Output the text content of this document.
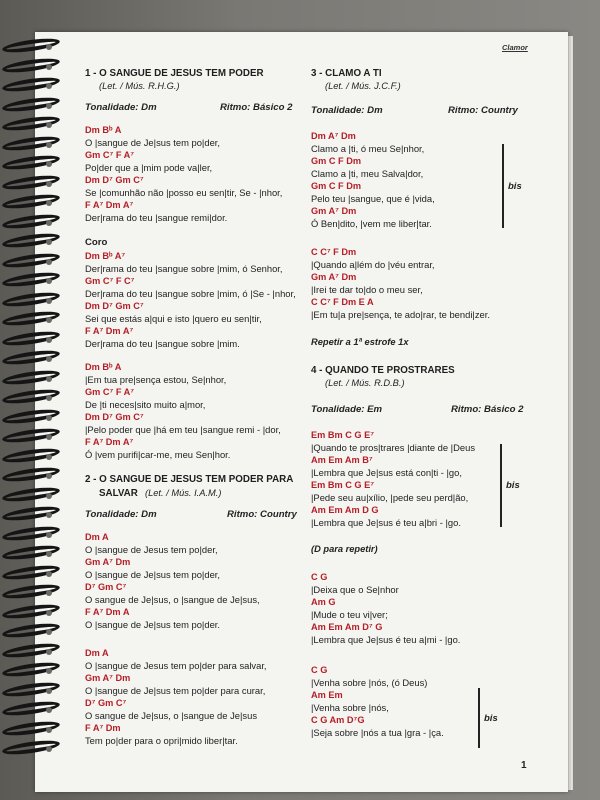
Clamor
1 - O SANGUE DE JESUS TEM PODER
(Let. / Mús. R.H.G.)
Tonalidade: Dm	Ritmo: Básico 2
Dm Bᵇ A
O |sangue de Je|sus tem po|der,
Gm C⁷ F A⁷
Po|der que a |mim pode va|ler,
Dm D⁷ Gm C⁷
Se |comunhão não |posso eu sen|tir, Se - |nhor,
F A⁷ Dm A⁷
Der|rama do teu |sangue remi|dor.
Coro
Dm Bᵇ A⁷
Der|rama do teu |sangue sobre |mim, ó Senhor,
Gm C⁷ F C⁷
Der|rama do teu |sangue sobre |mim, ó |Se - |nhor,
Dm D⁷ Gm C⁷
Sei que estás a|qui e isto |quero eu sen|tir,
F A⁷ Dm A⁷
Der|rama do teu |sangue sobre |mim.
Dm Bᵇ A
|Em tua pre|sença estou, Se|nhor,
Gm C⁷ F A⁷
De |ti neces|sito muito a|mor,
Dm D⁷ Gm C⁷
|Pelo poder que |há em teu |sangue remi - |dor,
F A⁷ Dm A⁷
Ó |vem purifi|car-me, meu Sen|hor.
2 - O SANGUE DE JESUS TEM PODER PARA
SALVAR (Let. / Mús. I.A.M.)
Tonalidade: Dm	Ritmo: Country
Dm A
O |sangue de Jesus tem po|der,
Gm A⁷ Dm
O |sangue de Je|sus tem po|der,
D⁷ Gm C⁷
O sangue de Je|sus, o |sangue de Je|sus,
F A⁷ Dm A
O |sangue de Je|sus tem po|der.
Dm A
O |sangue de Jesus tem po|der para salvar,
Gm A⁷ Dm
O |sangue de Je|sus tem po|der para curar,
D⁷ Gm C⁷
O sangue de Je|sus, o |sangue de Je|sus
F A⁷ Dm
Tem po|der para o opri|mido liber|tar.
3 - CLAMO A TI
(Let. / Mús. J.C.F.)
Tonalidade: Dm	Ritmo: Country
Dm A⁷ Dm
Clamo a |ti, ó meu Se|nhor,
Gm C F Dm
Clamo a |ti, meu Salva|dor,
Gm C F Dm
Pelo teu |sangue, que é |vida,
Gm A⁷ Dm
Ó Ben|dito, |vem me liber|tar.
bis
C C⁷ F Dm
|Quando a|lém do |véu entrar,
Gm A⁷ Dm
|Irei te dar to|do o meu ser,
C C⁷ F Dm E A
|Em tu|a pre|sença, te ado|rar, te bendi|zer.
Repetir a 1ª estrofe 1x
4 - QUANDO TE PROSTRARES
(Let. / Mús. R.D.B.)
Tonalidade: Em	Ritmo: Básico 2
Em Bm C G E⁷
|Quando te pros|trares |diante de |Deus
Am Em Am B⁷
|Lembra que Je|sus está con|ti - |go,
Em Bm C G E⁷
|Pede seu au|xílio, |pede seu perd|ão,
Am Em Am D G
|Lembra que Je|sus é teu a|bri - |go.
bis
(D para repetir)
C G
|Deixa que o Se|nhor
Am G
|Mude o teu vi|ver;
Am Em Am D⁷ G
|Lembra que Je|sus é teu a|mi - |go.
C G
|Venha sobre |nós, (ó Deus)
Am Em
|Venha sobre |nós,
C G Am D⁷G
|Seja sobre |nós a tua |gra - |ça.
bis
1
